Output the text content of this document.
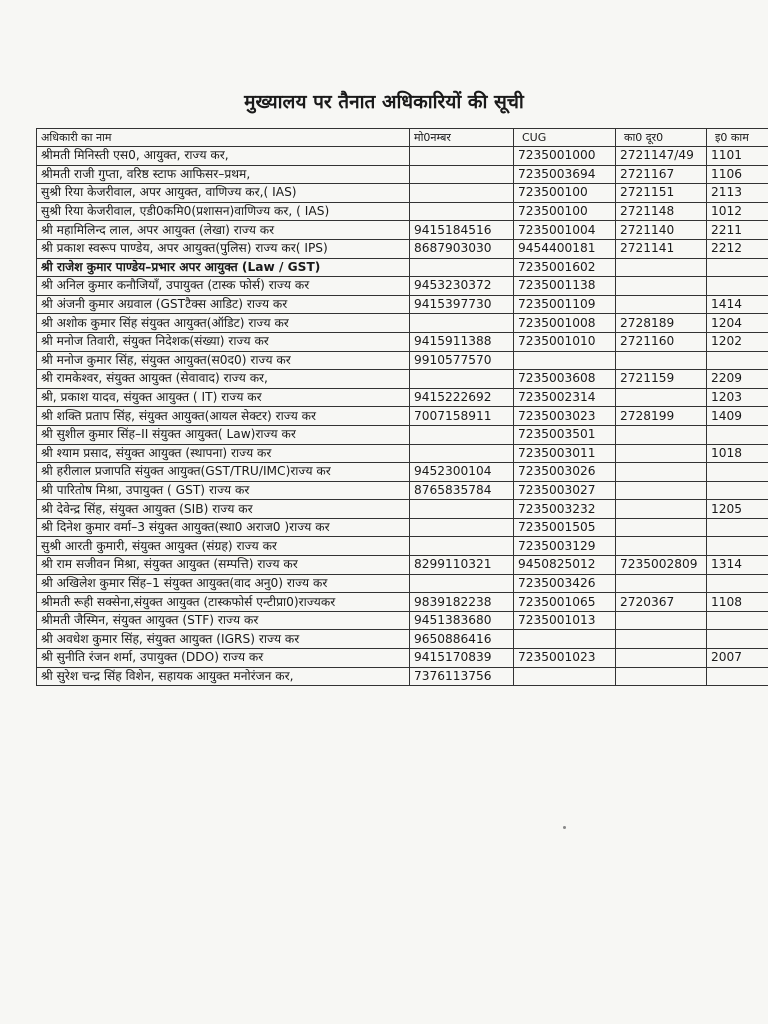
मुख्यालय पर तैनात अधिकारियों की सूची
अधिकारी का नाम	मो0नम्बर	CUG	का0 दूर0	इ0 काम
श्रीमती मिनिस्ती एस0, आयुक्त, राज्य कर,		7235001000	2721147/49	1101
श्रीमती राजी गुप्ता, वरिष्ठ स्टाफ आफिसर–प्रथम,		7235003694	2721167	1106
सुश्री रिया केजरीवाल, अपर आयुक्त, वाणिज्य कर,( IAS)		723500100	2721151	2113
सुश्री रिया केजरीवाल, एडी0कमि0(प्रशासन)वाणिज्य कर, ( IAS)		723500100	2721148	1012
श्री महामिलिन्द लाल, अपर आयुक्त (लेखा) राज्य कर	9415184516	7235001004	2721140	2211
श्री प्रकाश स्वरूप पाण्डेय, अपर आयुक्त(पुलिस) राज्य कर( IPS)	8687903030	9454400181	2721141	2212
श्री राजेश कुमार पाण्डेय–प्रभार अपर आयुक्त (Law / GST)		7235001602		
श्री अनिल कुमार कनौजियाँ, उपायुक्त (टास्क फोर्स) राज्य कर	9453230372	7235001138		
श्री अंजनी कुमार अग्रवाल (GSTटैक्स आडिट) राज्य कर	9415397730	7235001109		1414
श्री अशोक कुमार सिंह संयुक्त आयुक्त(ऑडिट) राज्य कर		7235001008	2728189	1204
श्री मनोज तिवारी, संयुक्त निदेशक(संख्या) राज्य कर	9415911388	7235001010	2721160	1202
श्री मनोज कुमार सिंह, संयुक्त आयुक्त(स0द0) राज्य कर	9910577570			
श्री रामकेश्वर, संयुक्त आयुक्त (सेवावाद) राज्य कर,		7235003608	2721159	2209
श्री, प्रकाश यादव, संयुक्त आयुक्त ( IT) राज्य कर	9415222692	7235002314		1203
श्री शक्ति प्रताप सिंह, संयुक्त आयुक्त(आयल सेक्टर) राज्य कर	7007158911	7235003023	2728199	1409
श्री सुशील कुमार सिंह–II संयुक्त आयुक्त( Law)राज्य कर		7235003501		
श्री श्याम प्रसाद, संयुक्त आयुक्त (स्थापना) राज्य कर		7235003011		1018
श्री हरीलाल प्रजापति संयुक्त आयुक्त(GST/TRU/IMC)राज्य कर	9452300104	7235003026		
श्री पारितोष मिश्रा, उपायुक्त ( GST) राज्य कर	8765835784	7235003027		
श्री देवेन्द्र सिंह, संयुक्त आयुक्त (SIB) राज्य कर		7235003232		1205
श्री दिनेश कुमार वर्मा–3 संयुक्त आयुक्त(स्था0 अराज0 )राज्य कर		7235001505		
सुश्री आरती कुमारी, संयुक्त आयुक्त (संग्रह) राज्य कर		7235003129		
श्री राम सजीवन मिश्रा, संयुक्त आयुक्त (सम्पत्ति) राज्य कर	8299110321	9450825012	7235002809	1314
श्री अखिलेश कुमार सिंह–1 संयुक्त आयुक्त(वाद अनु0) राज्य कर		7235003426		
श्रीमती रूही सक्सेना,संयुक्त आयुक्त (टास्कफोर्स एन्टीप्रा0)राज्यकर	9839182238	7235001065	2720367	1108
श्रीमती जैस्मिन, संयुक्त आयुक्त (STF) राज्य कर	9451383680	7235001013		
श्री अवधेश कुमार सिंह, संयुक्त आयुक्त (IGRS) राज्य कर	9650886416			
श्री सुनीति रंजन शर्मा, उपायुक्त (DDO) राज्य कर	9415170839	7235001023		2007
श्री सुरेश चन्द्र सिंह विशेन, सहायक आयुक्त मनोरंजन कर,	7376113756			
